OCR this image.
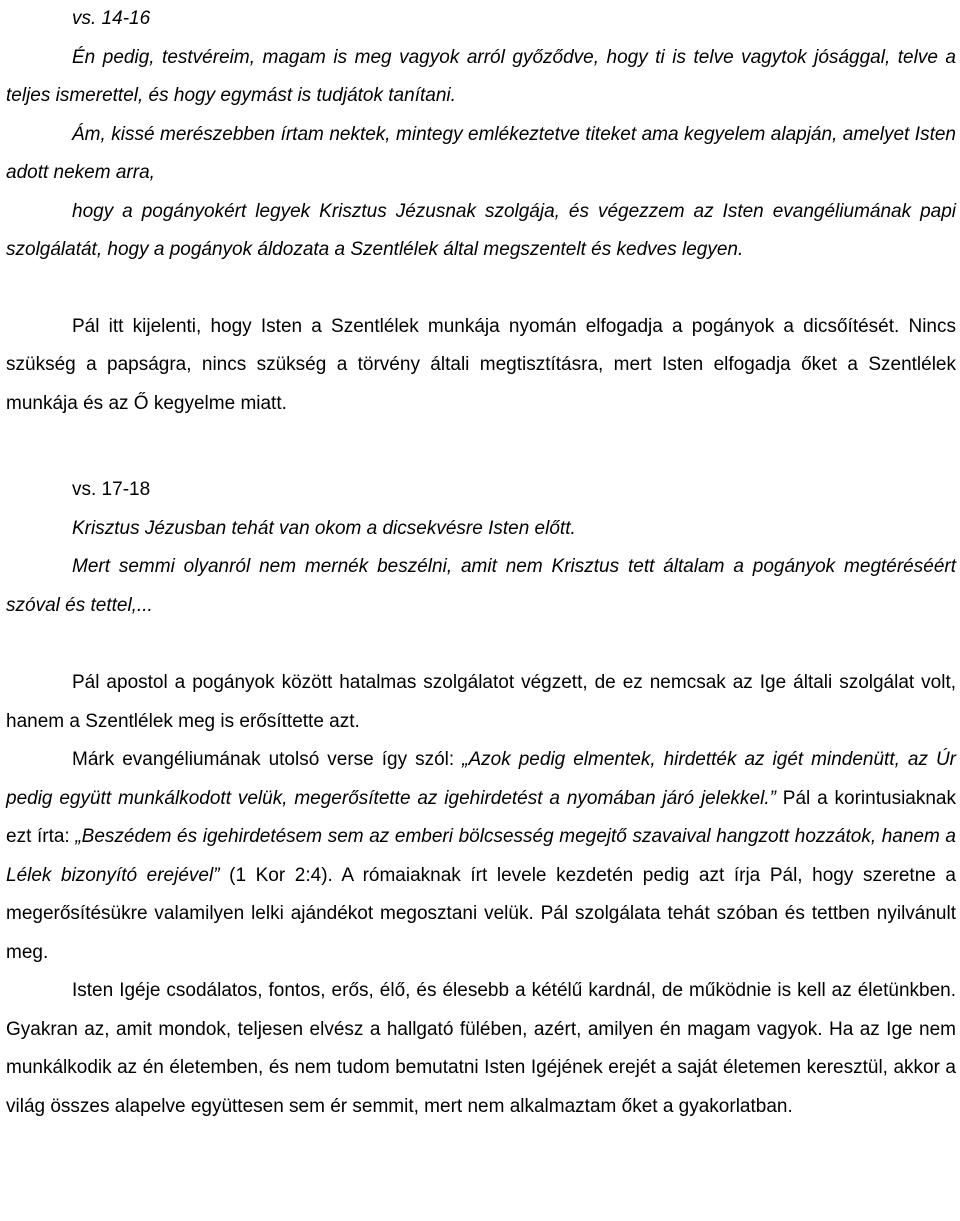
vs. 14-16

Én pedig, testvéreim, magam is meg vagyok arról győződve, hogy ti is telve vagytok jósággal, telve a teljes ismerettel, és hogy egymást is tudjátok tanítani.

Ám, kissé merészebben írtam nektek, mintegy emlékeztetve titeket ama kegyelem alapján, amelyet Isten adott nekem arra,

hogy a pogányokért legyek Krisztus Jézusnak szolgája, és végezzem az Isten evangéliumának papi szolgálatát, hogy a pogányok áldozata a Szentlélek által megszentelt és kedves legyen.

Pál itt kijelenti, hogy Isten a Szentlélek munkája nyomán elfogadja a pogányok a dicsőítését. Nincs szükség a papságra, nincs szükség a törvény általi megtisztításra, mert Isten elfogadja őket a Szentlélek munkája és az Ő kegyelme miatt.

vs. 17-18

Krisztus Jézusban tehát van okom a dicsekvésre Isten előtt.

Mert semmi olyanról nem mernék beszélni, amit nem Krisztus tett általam a pogányok megtéréséért szóval és tettel,...

Pál apostol a pogányok között hatalmas szolgálatot végzett, de ez nemcsak az Ige általi szolgálat volt, hanem a Szentlélek meg is erősíttette azt.

Márk evangéliumának utolsó verse így szól: „Azok pedig elmentek, hirdették az igét mindenütt, az Úr pedig együtt munkálkodott velük, megerősítette az igehirdetést a nyomában járó jelekkel.” Pál a korintusiaknak ezt írta: „Beszédem és igehirdetésem sem az emberi bölcsesség megejtő szavaival hangzott hozzátok, hanem a Lélek bizonyító erejével” (1 Kor 2:4). A rómaiaknak írt levele kezdetén pedig azt írja Pál, hogy szeretne a megerősítésükre valamilyen lelki ajándékot megosztani velük. Pál szolgálata tehát szóban és tettben nyilvánult meg.

Isten Igéje csodálatos, fontos, erős, élő, és élesebb a kétélű kardnál, de működnie is kell az életünkben. Gyakran az, amit mondok, teljesen elvész a hallgató fülében, azért, amilyen én magam vagyok. Ha az Ige nem munkálkodik az én életemben, és nem tudom bemutatni Isten Igéjének erejét a saját életemen keresztül, akkor a világ összes alapelve együttesen sem ér semmit, mert nem alkalmaztam őket a gyakorlatban.
